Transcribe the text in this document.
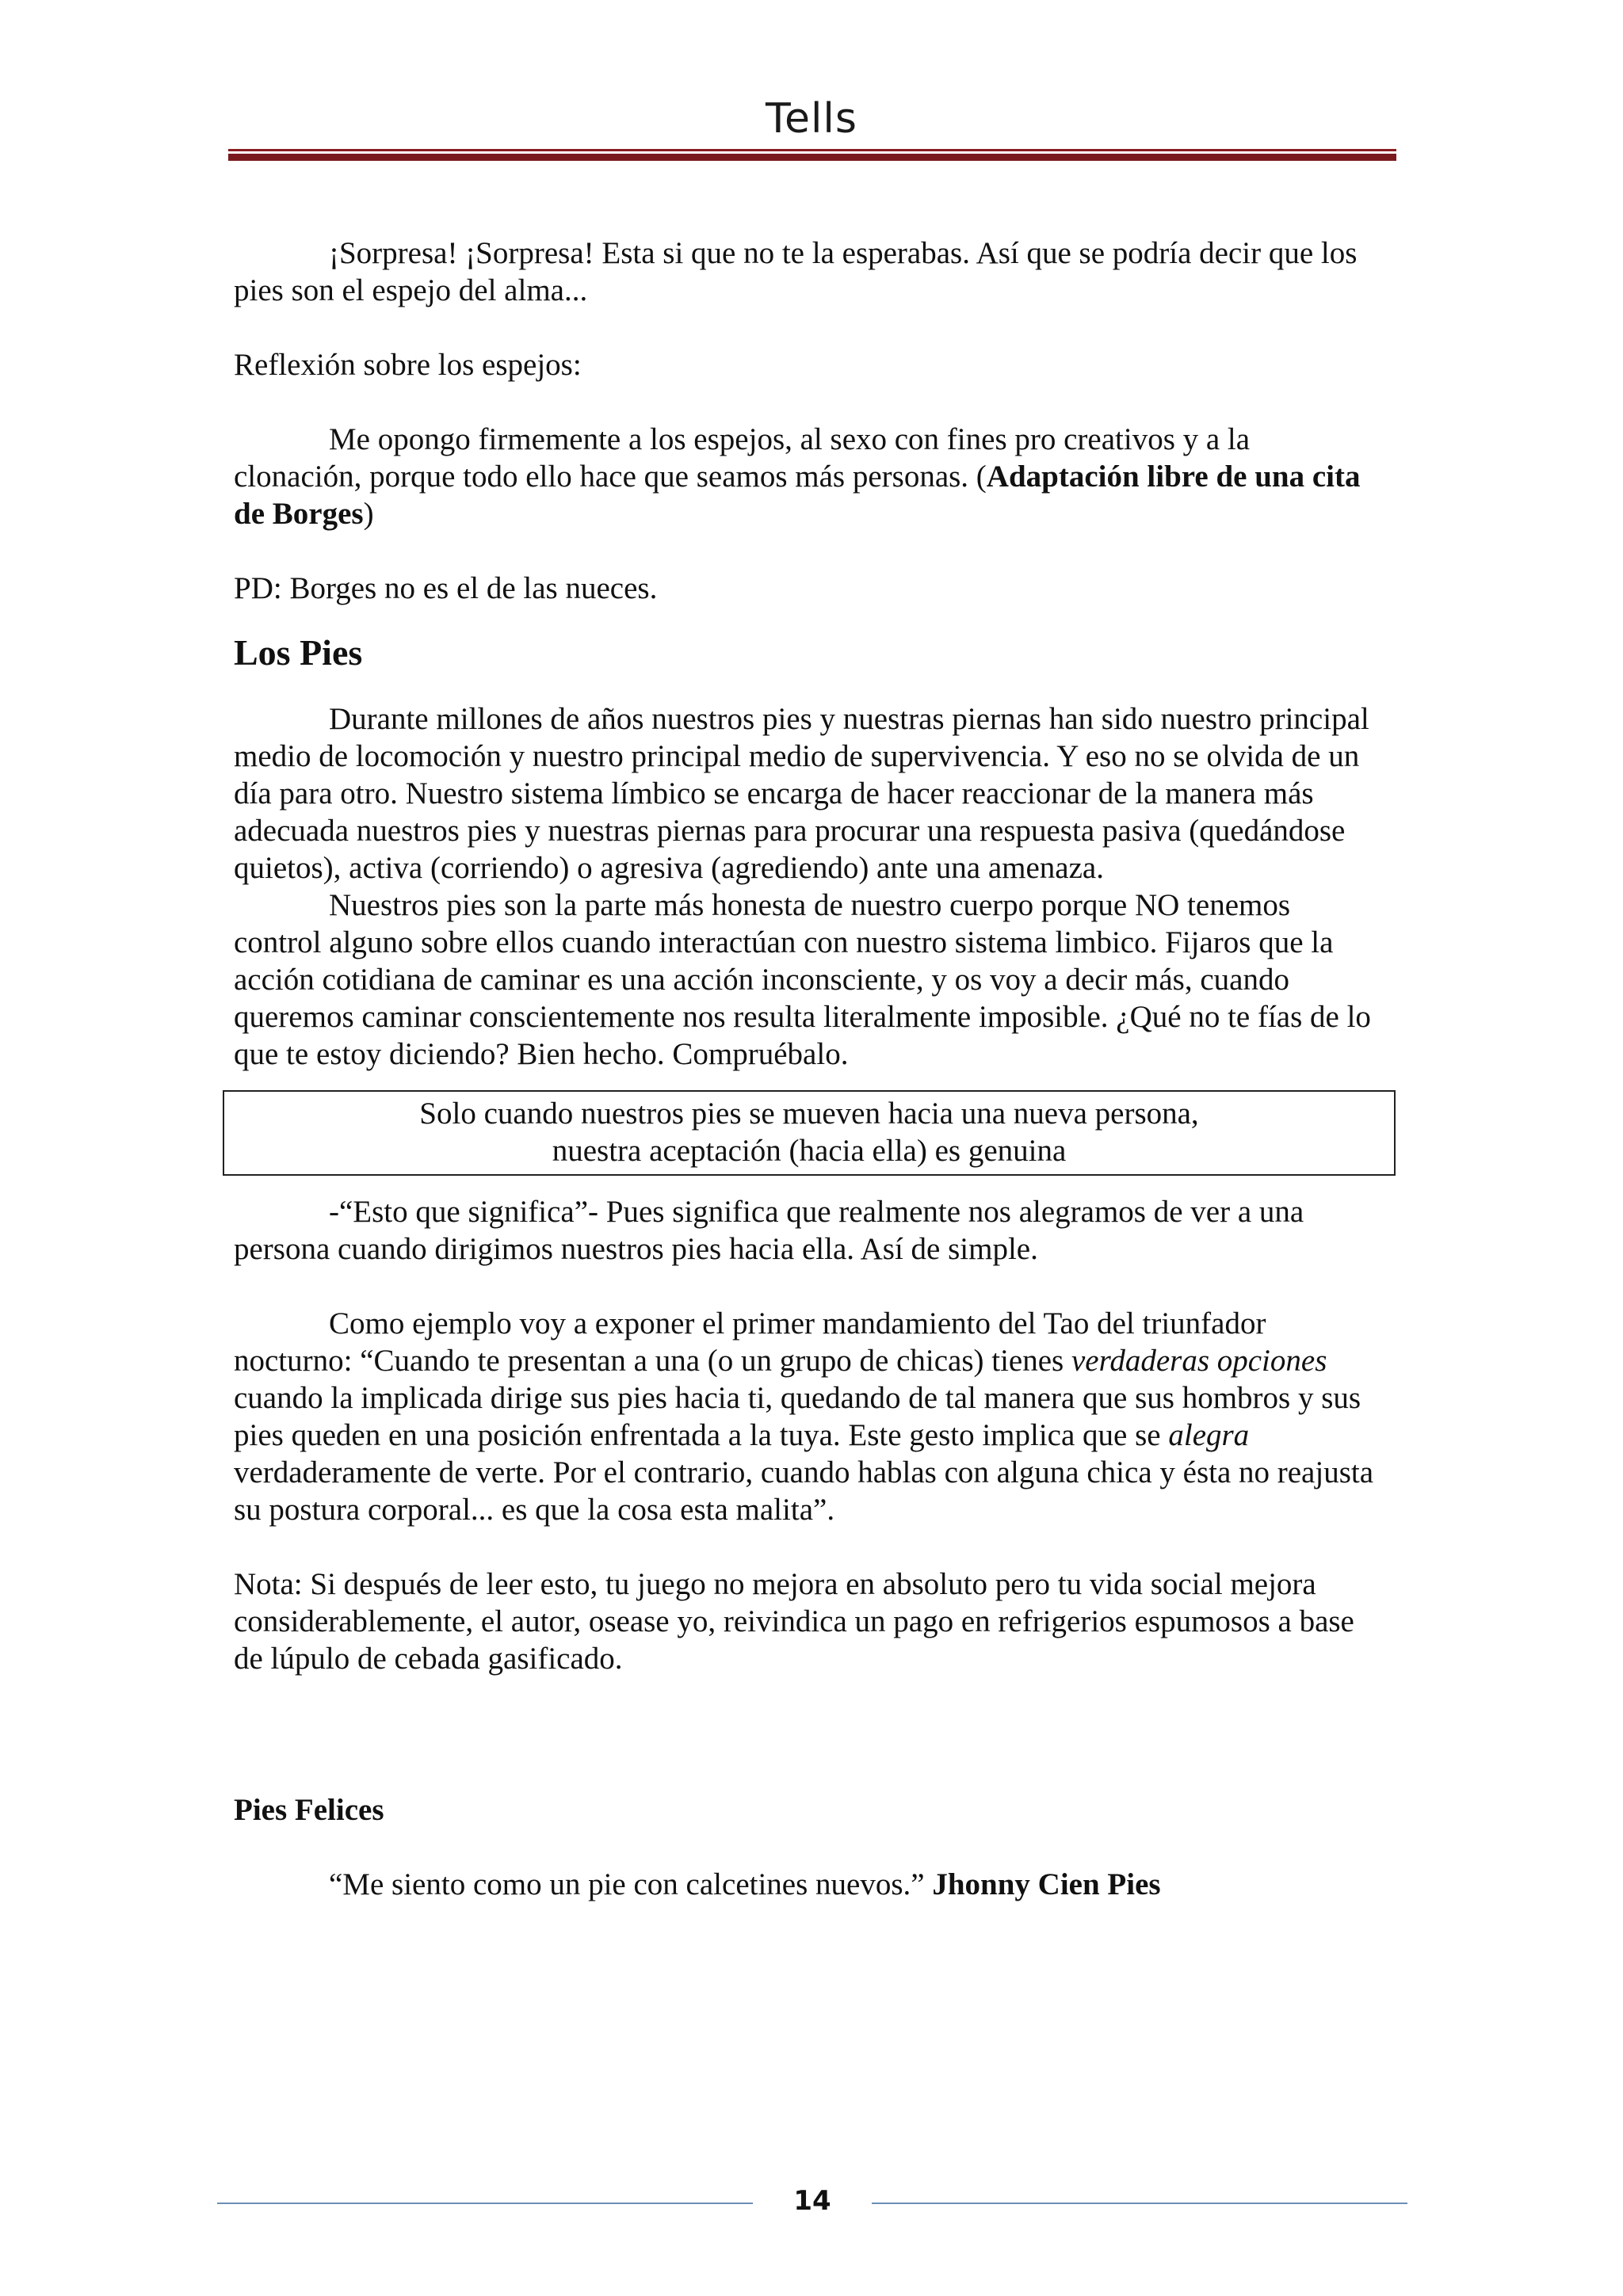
Tells

¡Sorpresa! ¡Sorpresa! Esta si que no te la esperabas. Así que se podría decir que los pies son el espejo del alma...

Reflexión sobre los espejos:

Me opongo firmemente a los espejos, al sexo con fines pro creativos y a la clonación, porque todo ello hace que seamos más personas. (Adaptación libre de una cita de Borges)

PD: Borges no es el de las nueces.

Los Pies

Durante millones de años nuestros pies y nuestras piernas han sido nuestro principal medio de locomoción y nuestro principal medio de supervivencia. Y eso no se olvida de un día para otro. Nuestro sistema límbico se encarga de hacer reaccionar de la manera más adecuada nuestros pies y nuestras piernas para procurar una respuesta pasiva (quedándose quietos), activa (corriendo) o agresiva (agrediendo) ante una amenaza.

Nuestros pies son la parte más honesta de nuestro cuerpo porque NO tenemos control alguno sobre ellos cuando interactúan con nuestro sistema limbico. Fijaros que la acción cotidiana de caminar es una acción inconsciente, y os voy a decir más, cuando queremos caminar conscientemente nos resulta literalmente imposible. ¿Qué no te fías de lo que te estoy diciendo? Bien hecho. Compruébalo.

Solo cuando nuestros pies se mueven hacia una nueva persona,
nuestra aceptación (hacia ella) es genuina

-“Esto que significa”- Pues significa que realmente nos alegramos de ver a una persona cuando dirigimos nuestros pies hacia ella. Así de simple.

Como ejemplo voy a exponer el primer mandamiento del Tao del triunfador nocturno: “Cuando te presentan a una (o un grupo de chicas) tienes verdaderas opciones cuando la implicada dirige sus pies hacia ti, quedando de tal manera que sus hombros y sus pies queden en una posición enfrentada a la tuya. Este gesto implica que se alegra verdaderamente de verte. Por el contrario, cuando hablas con alguna chica y ésta no reajusta su postura corporal... es que la cosa esta malita”.

Nota: Si después de leer esto, tu juego no mejora en absoluto pero tu vida social mejora considerablemente, el autor, osease yo, reivindica un pago en refrigerios espumosos a base de lúpulo de cebada gasificado.

Pies Felices

“Me siento como un pie con calcetines nuevos.” Jhonny Cien Pies

14
